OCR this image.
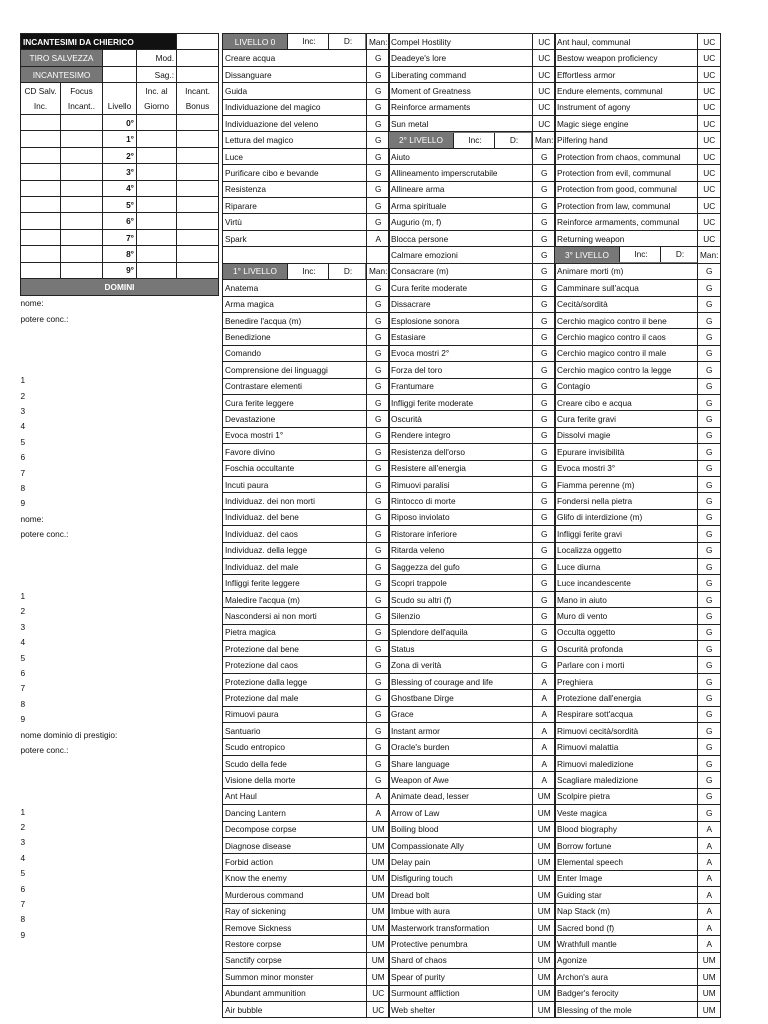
INCANTESIMI DA CHIERICO				
TIRO SALVEZZA			Mod.	
INCANTESIMO			Sag.:	
CD Salv.	Focus		Inc. al	Incant.
Inc.	Incant..	Livello	Giorno	Bonus
		0°		
		1°		
		2°		
		3°		
		4°		
		5°		
		6°		
		7°		
		8°		
		9°		
DOMINI				
nome:				
potere conc.:				

1				
2				
3				
4				
5				
6				
7				
8				
9				
nome:				
potere conc.:				

1				
2				
3				
4				
5				
6				
7				
8				
9				
nome dominio di prestigio:				
potere conc.:				

1				
2				
3				
4				
5				
6				
7				
8				
9				
LIVELLO 0 Inc: D:	Man:
Creare acqua	G
Dissanguare	G
Guida	G
Individuazione del magico	G
Individuazione del veleno	G
Lettura del magico	G
Luce	G
Purificare cibo e bevande	G
Resistenza	G
Riparare	G
Virtù	G
Spark	A

1° LIVELLO Inc: D:	Man:
Anatema	G
Arma magica	G
Benedire l'acqua (m)	G
Benedizione	G
Comando	G
Comprensione dei linguaggi	G
Contrastare elementi	G
Cura ferite leggere	G
Devastazione	G
Evoca mostri 1°	G
Favore divino	G
Foschia occultante	G
Incuti paura	G
Individuaz. dei non morti	G
Individuaz. del bene	G
Individuaz. del caos	G
Individuaz. della legge	G
Individuaz. del male	G
Infliggi ferite leggere	G
Maledire l'acqua (m)	G
Nascondersi ai non morti	G
Pietra magica	G
Protezione dal bene	G
Protezione dal caos	G
Protezione dalla legge	G
Protezione dal male	G
Rimuovi paura	G
Santuario	G
Scudo entropico	G
Scudo della fede	G
Visione della morte	G
Ant Haul	A
Dancing Lantern	A
Decompose corpse	UM
Diagnose disease	UM
Forbid action	UM
Know the enemy	UM
Murderous command	UM
Ray of sickening	UM
Remove Sickness	UM
Restore corpse	UM
Sanctify corpse	UM
Summon minor monster	UM
Abundant ammunition	UC
Air bubble	UC
Compel Hostility	UC
Deadeye's lore	UC
Liberating command	UC
Moment of Greatness	UC
Reinforce armaments	UC
Sun metal	UC

2° LIVELLO Inc: D:	Man:
Aiuto	G
Allineamento imperscrutabile	G
Allineare arma	G
Arma spirituale	G
Augurio (m, f)	G
Blocca persone	G
Calmare emozioni	G
Consacrare (m)	G
Cura ferite moderate	G
Dissacrare	G
Esplosione sonora	G
Estasiare	G
Evoca mostri 2°	G
Forza del toro	G
Frantumare	G
Infliggi ferite moderate	G
Oscurità	G
Rendere integro	G
Resistenza dell'orso	G
Resistere all'energia	G
Rimuovi paralisi	G
Rintocco di morte	G
Riposo inviolato	G
Ristorare inferiore	G
Ritarda veleno	G
Saggezza del gufo	G
Scopri trappole	G
Scudo su altri (f)	G
Silenzio	G
Splendore dell'aquila	G
Status	G
Zona di verità	G
Blessing of courage and life	A
Ghostbane Dirge	A
Grace	A
Instant armor	A
Oracle's burden	A
Share language	A
Weapon of Awe	A
Animate dead, lesser	UM
Arrow of Law	UM
Boiling blood	UM
Compassionate Ally	UM
Delay pain	UM
Disfiguring touch	UM
Dread bolt	UM
Imbue with aura	UM
Masterwork transformation	UM
Protective penumbra	UM
Shard of chaos	UM
Spear of purity	UM
Surmount affliction	UM
Web shelter	UM
Ant haul, communal	UC
Bestow weapon proficiency	UC
Effortless armor	UC
Endure elements, communal	UC
Instrument of agony	UC
Magic siege engine	UC
Pilfering hand	UC
Protection from chaos, communal	UC
Protection from evil, communal	UC
Protection from good, communal	UC
Protection from law, communal	UC
Reinforce armaments, communal	UC
Returning weapon	UC

3° LIVELLO Inc: D:	Man:
Animare morti (m)	G
Camminare sull'acqua	G
Cecità/sordità	G
Cerchio magico contro il bene	G
Cerchio magico contro il caos	G
Cerchio magico contro il male	G
Cerchio magico contro la legge	G
Contagio	G
Creare cibo e acqua	G
Cura ferite gravi	G
Dissolvi magie	G
Epurare invisibilità	G
Evoca mostri 3°	G
Fiamma perenne (m)	G
Fondersi nella pietra	G
Glifo di interdizione (m)	G
Infliggi ferite gravi	G
Localizza oggetto	G
Luce diurna	G
Luce incandescente	G
Mano in aiuto	G
Muro di vento	G
Occulta oggetto	G
Oscurità profonda	G
Parlare con i morti	G
Preghiera	G
Protezione dall'energia	G
Respirare sott'acqua	G
Rimuovi cecità/sordità	G
Rimuovi malattia	G
Rimuovi maledizione	G
Scagliare maledizione	G
Scolpire pietra	G
Veste magica	G
Blood biography	A
Borrow fortune	A
Elemental speech	A
Enter Image	A
Guiding star	A
Nap Stack (m)	A
Sacred bond (f)	A
Wrathfull mantle	A
Agonize	UM
Archon's aura	UM
Badger's ferocity	UM
Blessing of the mole	UM
